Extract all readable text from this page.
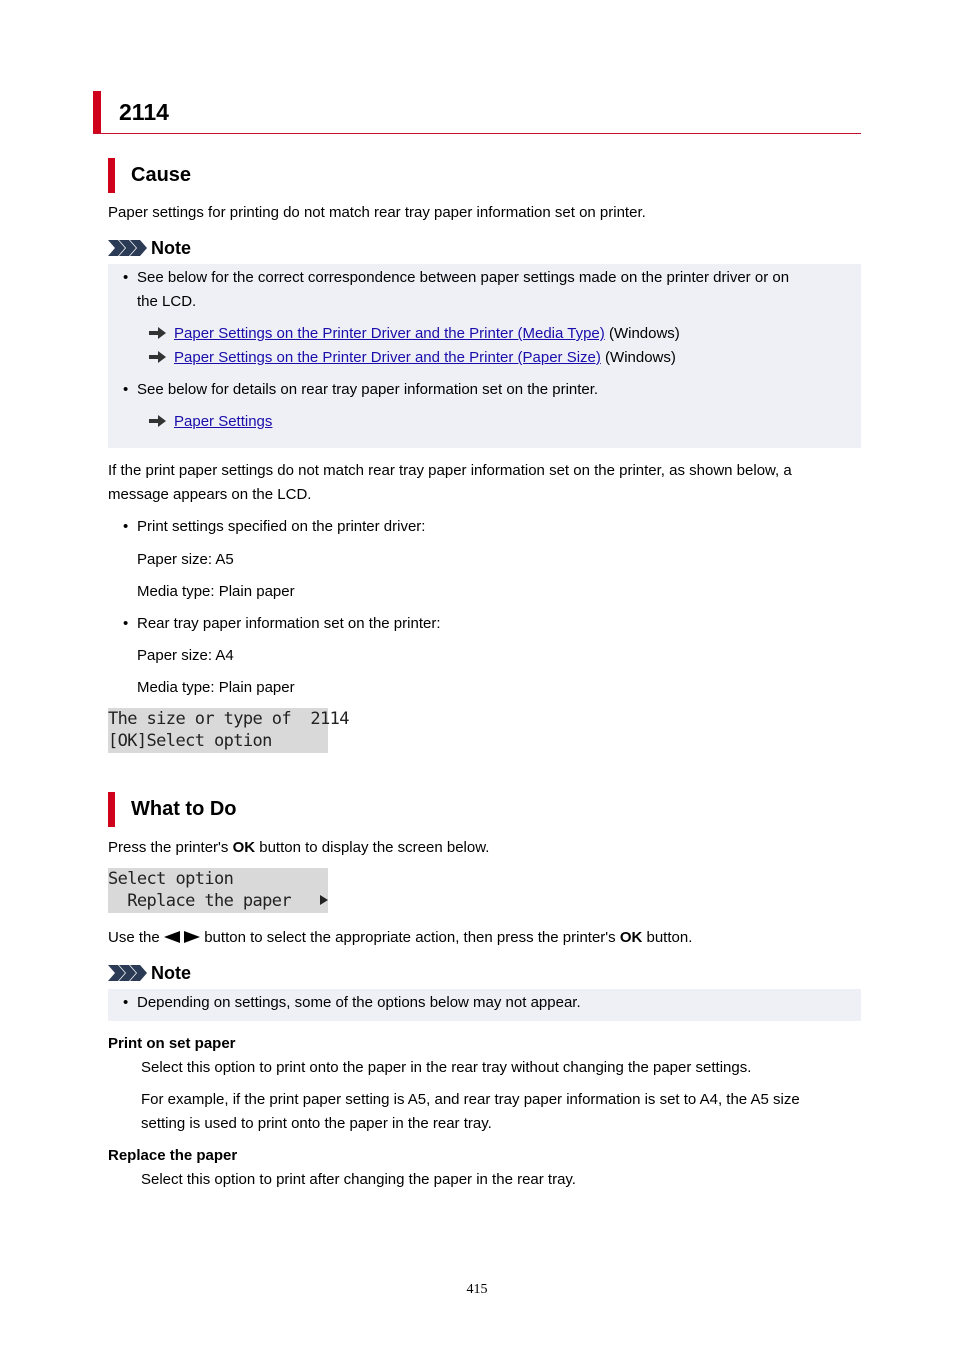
2114
Cause
Paper settings for printing do not match rear tray paper information set on printer.
Note
• See below for the correct correspondence between paper settings made on the printer driver or on
the LCD.
Paper Settings on the Printer Driver and the Printer (Media Type) (Windows)
Paper Settings on the Printer Driver and the Printer (Paper Size) (Windows)
• See below for details on rear tray paper information set on the printer.
Paper Settings
If the print paper settings do not match rear tray paper information set on the printer, as shown below, a
message appears on the LCD.
• Print settings specified on the printer driver:
Paper size: A5
Media type: Plain paper
• Rear tray paper information set on the printer:
Paper size: A4
Media type: Plain paper
The size or type of  2114
[OK]Select option
What to Do
Press the printer's OK button to display the screen below.
Select option
Replace the paper
Use the   button to select the appropriate action, then press the printer's OK button.
Note
• Depending on settings, some of the options below may not appear.
Print on set paper
Select this option to print onto the paper in the rear tray without changing the paper settings.
For example, if the print paper setting is A5, and rear tray paper information is set to A4, the A5 size
setting is used to print onto the paper in the rear tray.
Replace the paper
Select this option to print after changing the paper in the rear tray.
415
